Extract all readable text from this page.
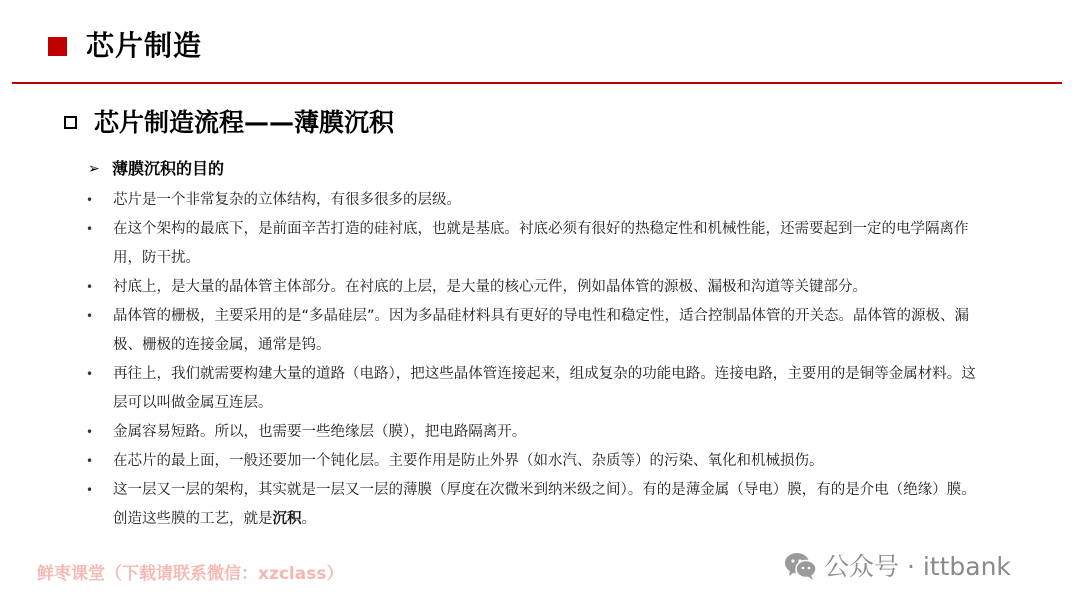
芯片制造
芯片制造流程——薄膜沉积
➢ 薄膜沉积的目的
• 芯片是一个非常复杂的立体结构，有很多很多的层级。
• 在这个架构的最底下，是前面辛苦打造的硅衬底，也就是基底。衬底必须有很好的热稳定性和机械性能，还需要起到一定的电学隔离作用，防干扰。
• 衬底上，是大量的晶体管主体部分。在衬底的上层，是大量的核心元件，例如晶体管的源极、漏极和沟道等关键部分。
• 晶体管的栅极，主要采用的是“多晶硅层”。因为多晶硅材料具有更好的导电性和稳定性，适合控制晶体管的开关态。晶体管的源极、漏极、栅极的连接金属，通常是钨。
• 再往上，我们就需要构建大量的道路（电路），把这些晶体管连接起来，组成复杂的功能电路。连接电路，主要用的是铜等金属材料。这层可以叫做金属互连层。
• 金属容易短路。所以，也需要一些绝缘层（膜），把电路隔离开。
• 在芯片的最上面，一般还要加一个钝化层。主要作用是防止外界（如水汽、杂质等）的污染、氧化和机械损伤。
• 这一层又一层的架构，其实就是一层又一层的薄膜（厚度在次微米到纳米级之间）。有的是薄金属（导电）膜，有的是介电（绝缘）膜。创造这些膜的工艺，就是沉积。
鲜枣课堂（下载请联系微信：xzclass）	公众号 · ittbank
